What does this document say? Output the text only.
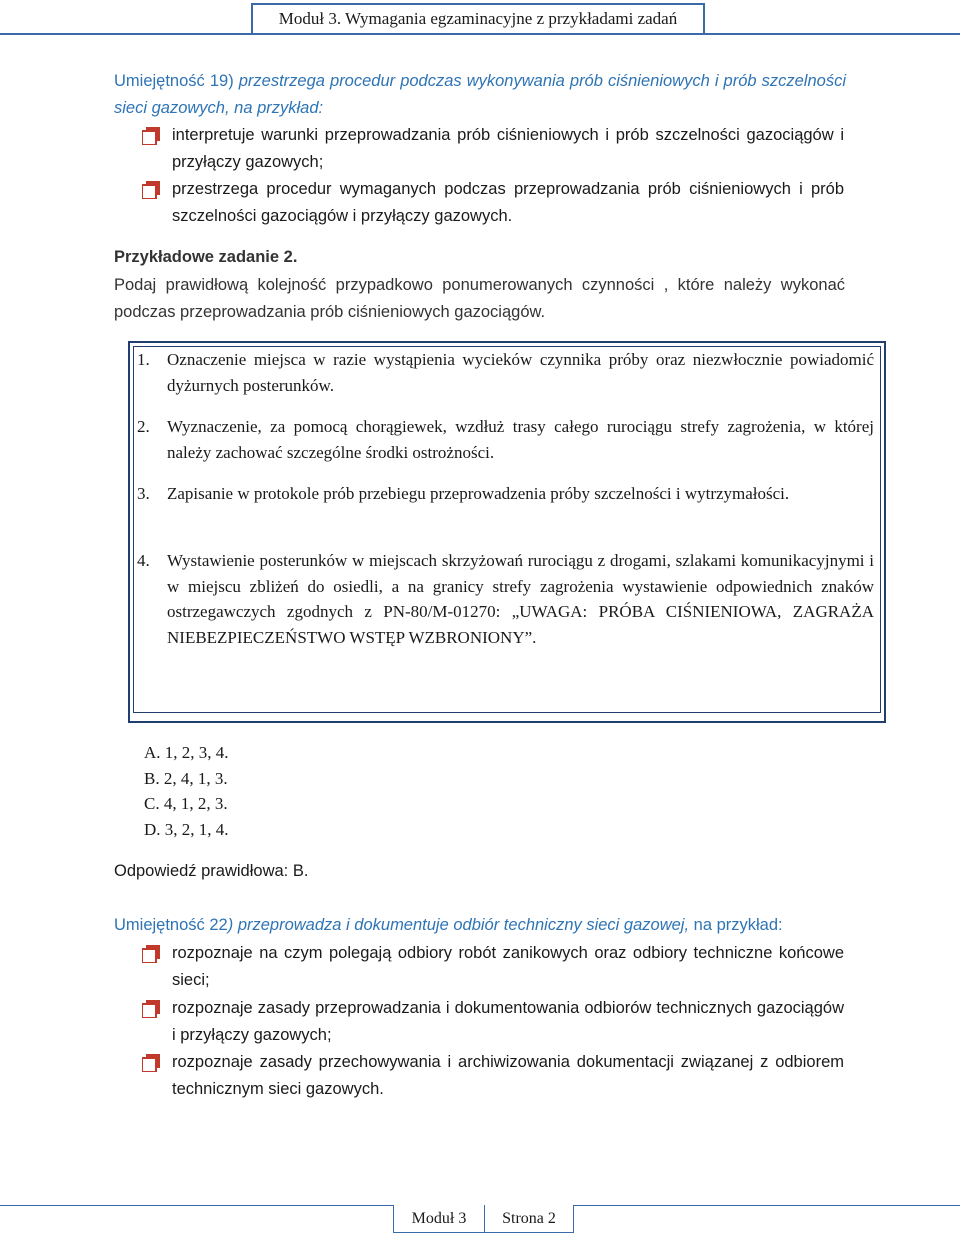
Moduł 3. Wymagania egzaminacyjne z przykładami zadań
Umiejętność 19) przestrzega procedur podczas wykonywania prób ciśnieniowych i prób szczelności sieci gazowych, na przykład:
interpretuje warunki przeprowadzania prób ciśnieniowych i prób szczelności gazociągów i przyłączy gazowych;
przestrzega procedur wymaganych podczas przeprowadzania prób ciśnieniowych i prób szczelności gazociągów i przyłączy gazowych.
Przykładowe zadanie 2.
Podaj prawidłową kolejność przypadkowo ponumerowanych czynności , które należy wykonać podczas przeprowadzania prób ciśnieniowych gazociągów.
1. Oznaczenie miejsca w razie wystąpienia wycieków czynnika próby oraz niezwłocznie powiadomić dyżurnych posterunków.
2. Wyznaczenie, za pomocą chorągiewek, wzdłuż trasy całego rurociągu strefy zagrożenia, w której należy zachować szczególne środki ostrożności.
3. Zapisanie w protokole prób przebiegu przeprowadzenia próby szczelności i wytrzymałości.
4. Wystawienie posterunków w miejscach skrzyżowań rurociągu z drogami, szlakami komunikacyjnymi i w miejscu zbliżeń do osiedli, a na granicy strefy zagrożenia wystawienie odpowiednich znaków ostrzegawczych zgodnych z PN-80/M-01270: „UWAGA: PRÓBA CIŚNIENIOWA, ZAGRAŻA NIEBEZPIECZEŃSTWO WSTĘP WZBRONIONY”.
A. 1, 2, 3, 4.
B. 2, 4, 1, 3.
C. 4, 1, 2, 3.
D. 3, 2, 1, 4.
Odpowiedź prawidłowa: B.
Umiejętność 22) przeprowadza i dokumentuje odbiór techniczny sieci gazowej, na przykład:
rozpoznaje na czym polegają odbiory robót zanikowych oraz odbiory techniczne końcowe sieci;
rozpoznaje zasady przeprowadzania i dokumentowania odbiorów technicznych gazociągów i przyłączy gazowych;
rozpoznaje zasady przechowywania i archiwizowania dokumentacji związanej z odbiorem technicznym sieci gazowych.
Moduł 3	Strona 2
